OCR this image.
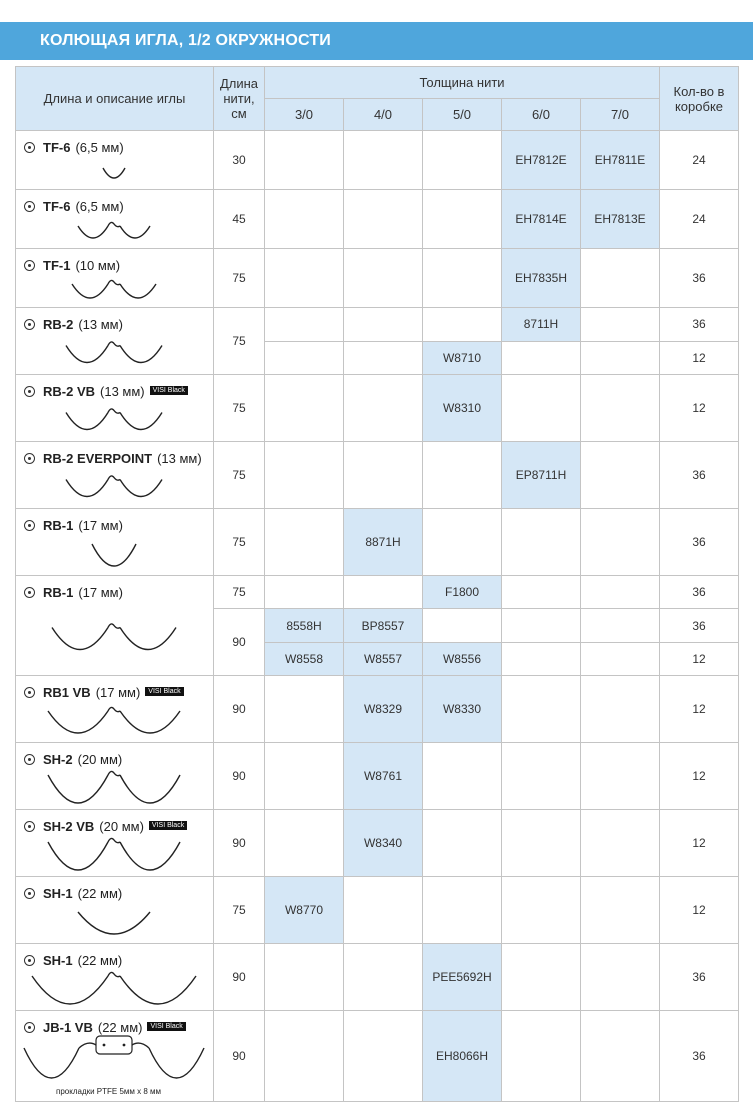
КОЛЮЩАЯ ИГЛА, 1/2 ОКРУЖНОСТИ
Длина и описание иглы	Длина нити, см	Толщина нити					Кол-во в коробке
		3/0	4/0	5/0	6/0	7/0	

TF-6 (6,5 мм)	30				EH7812E	EH7811E	24

TF-6 (6,5 мм)	45				EH7814E	EH7813E	24

TF-1 (10 мм)	75				EH7835H		36

RB-2 (13 мм)	75				8711H		36
				W8710			12

RB-2 VB (13 мм) VISI Black	75			W8310			12

RB-2 EVERPOINT (13 мм)	75				EP8711H		36

RB-1 (17 мм)	75		8871H				36

RB-1 (17 мм)	75			F1800			36
	90	8558H	BP8557				36
		W8558	W8557	W8556			12

RB1 VB (17 мм) VISI Black	90		W8329	W8330			12

SH-2 (20 мм)	90		W8761				12

SH-2 VB (20 мм) VISI Black	90		W8340				12

SH-1 (22 мм)	75	W8770					12

SH-1 (22 мм)	90			PEE5692H			36

JB-1 VB (22 мм) VISI Black
прокладки PTFE 5мм x 8 мм	90			EH8066H			36
